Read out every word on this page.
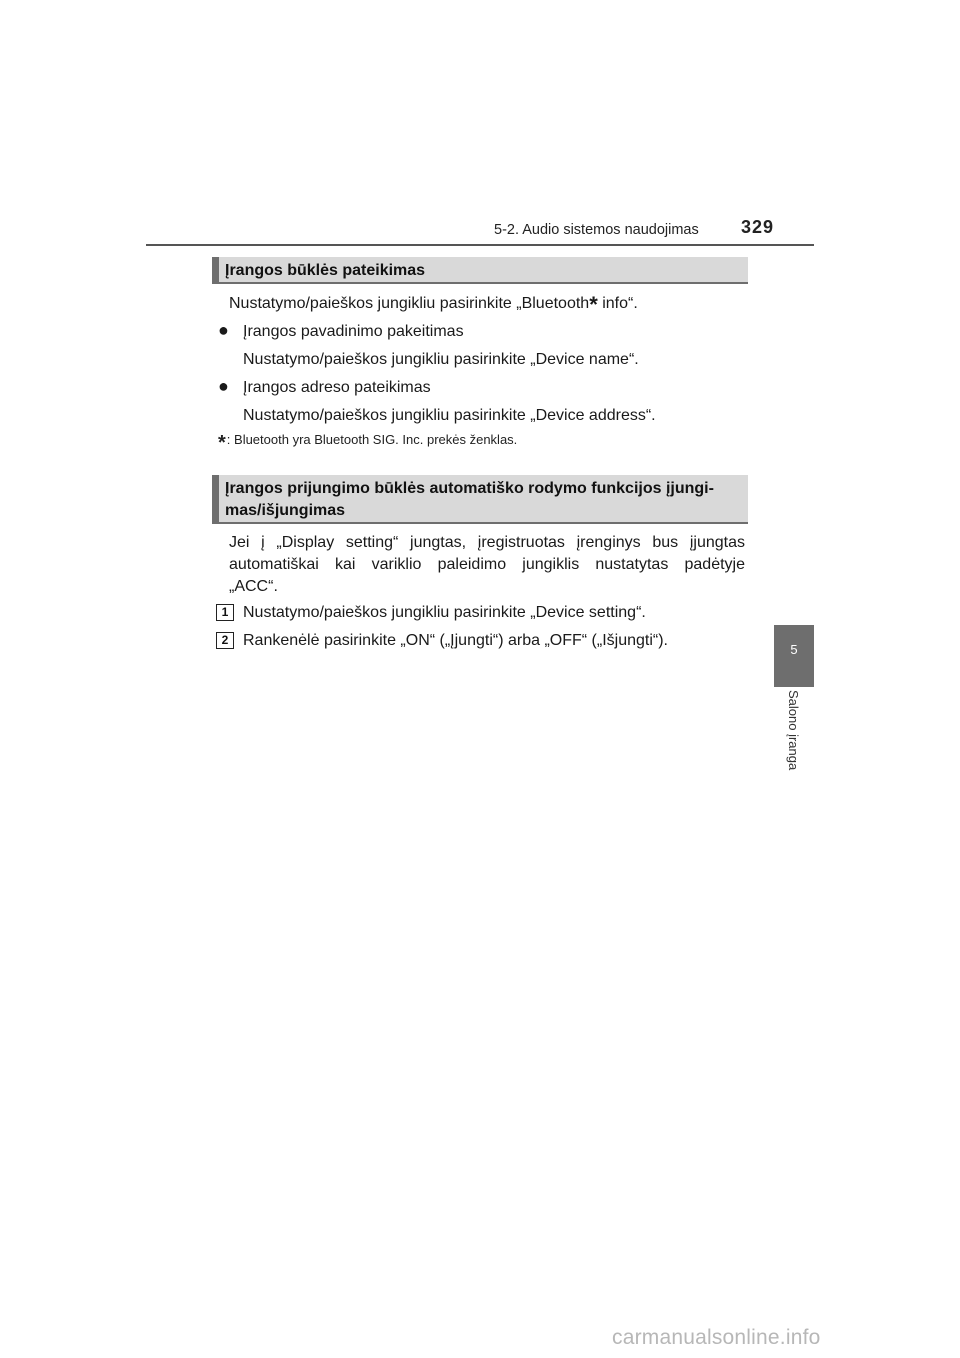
5-2. Audio sistemos naudojimas 329
Įrangos būklės pateikimas
Nustatymo/paieškos jungikliu pasirinkite „Bluetooth* info“.
● Įrangos pavadinimo pakeitimas
Nustatymo/paieškos jungikliu pasirinkite „Device name“.
● Įrangos adreso pateikimas
Nustatymo/paieškos jungikliu pasirinkite „Device address“.
*: Bluetooth yra Bluetooth SIG. Inc. prekės ženklas.
Įrangos prijungimo būklės automatiško rodymo funkcijos įjungi-
mas/išjungimas
Jei į „Display setting“ jungtas, įregistruotas įrenginys bus įjungtas
automatiškai kai variklio paleidimo jungiklis nustatytas padėtyje
„ACC“.
1 Nustatymo/paieškos jungikliu pasirinkite „Device setting“.
2 Rankenėlė pasirinkite „ON“ („Įjungti“) arba „OFF“ („Išjungti“).
5
Salono įranga
carmanualsonline.info
